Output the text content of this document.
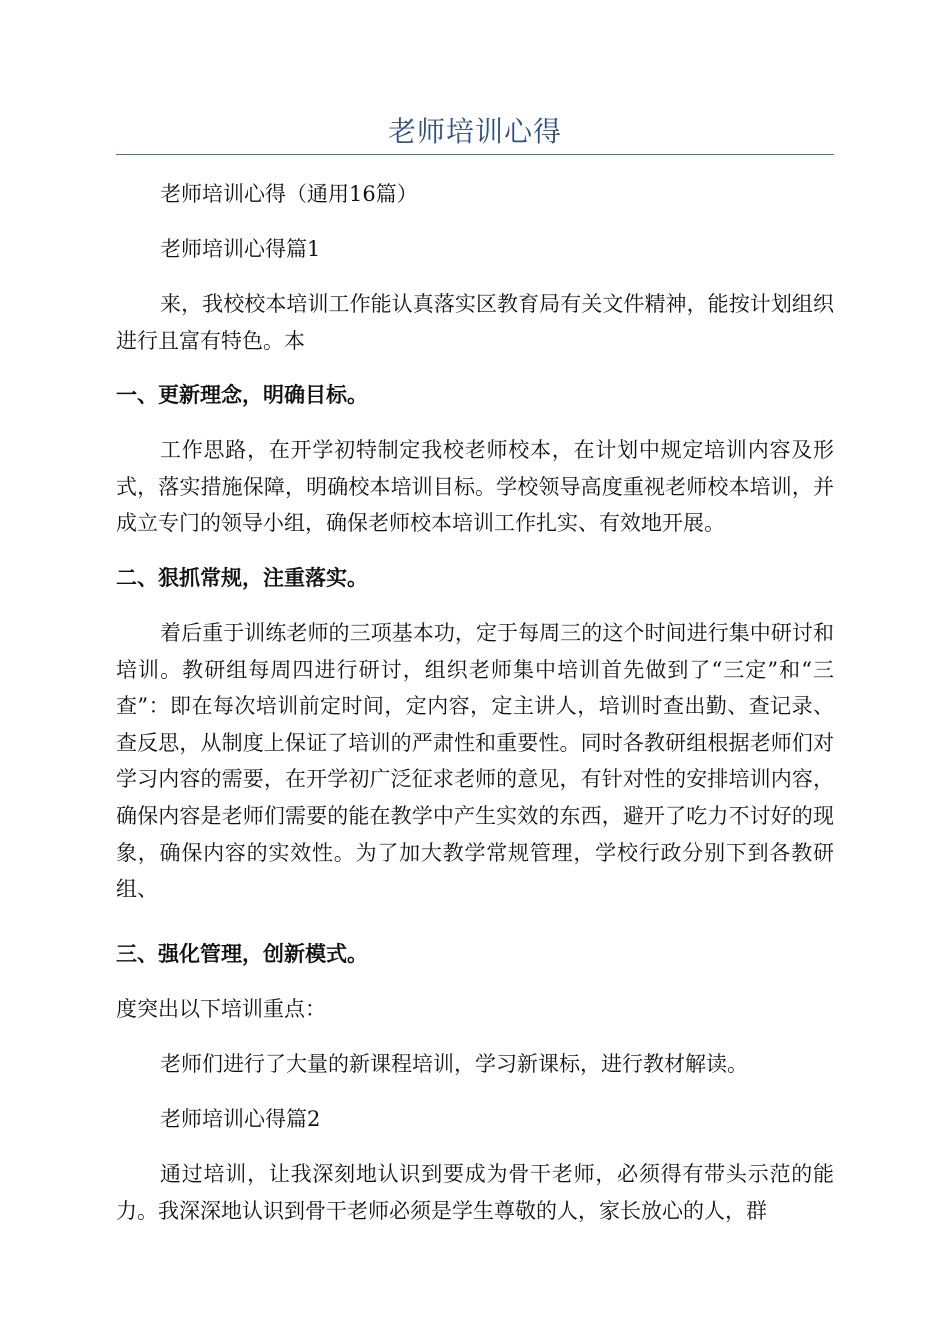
老师培训心得

老师培训心得（通用16篇）

老师培训心得篇1

来，我校校本培训工作能认真落实区教育局有关文件精神，能按计划组织进行且富有特色。本

一、更新理念，明确目标。

工作思路，在开学初特制定我校老师校本，在计划中规定培训内容及形式，落实措施保障，明确校本培训目标。学校领导高度重视老师校本培训，并成立专门的领导小组，确保老师校本培训工作扎实、有效地开展。

二、狠抓常规，注重落实。

着后重于训练老师的三项基本功，定于每周三的这个时间进行集中研讨和培训。教研组每周四进行研讨，组织老师集中培训首先做到了“三定”和“三查”：即在每次培训前定时间，定内容，定主讲人，培训时查出勤、查记录、查反思，从制度上保证了培训的严肃性和重要性。同时各教研组根据老师们对学习内容的需要，在开学初广泛征求老师的意见，有针对性的安排培训内容，确保内容是老师们需要的能在教学中产生实效的东西，避开了吃力不讨好的现象，确保内容的实效性。为了加大教学常规管理，学校行政分别下到各教研组、

三、强化管理，创新模式。

度突出以下培训重点：

老师们进行了大量的新课程培训，学习新课标，进行教材解读。

老师培训心得篇2

通过培训，让我深刻地认识到要成为骨干老师，必须得有带头示范的能力。我深深地认识到骨干老师必须是学生尊敬的人，家长放心的人，群
